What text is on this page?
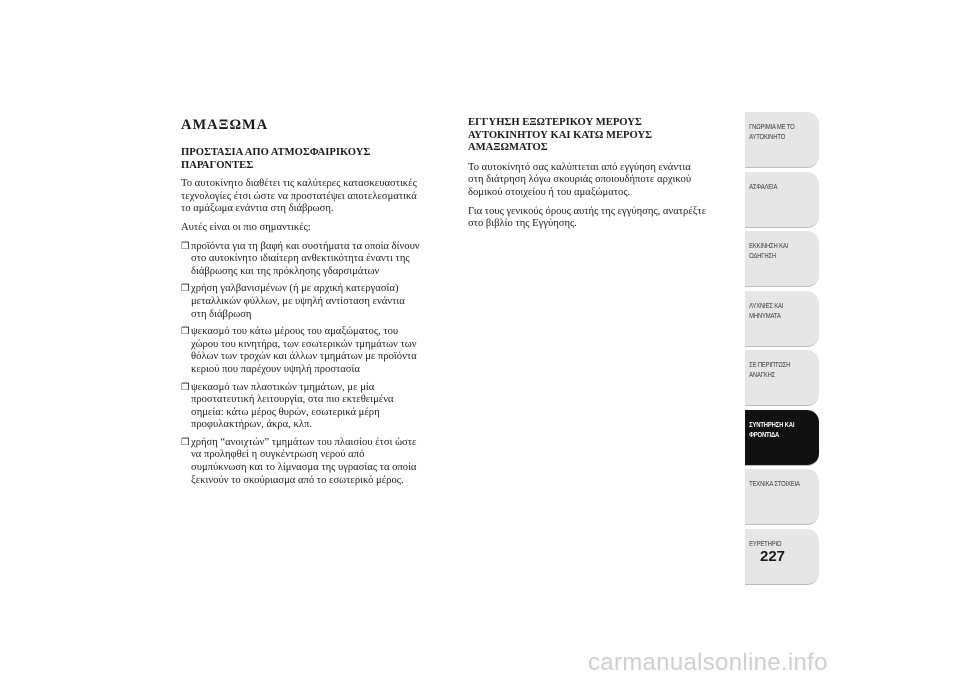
ΑΜΑΞΩΜΑ
ΠΡΟΣΤΑΣΙΑ ΑΠΟ ΑΤΜΟΣΦΑΙΡΙΚΟΥΣ
ΠΑΡΑΓΟΝΤΕΣ
Το αυτοκίνητο διαθέτει τις καλύτερες κατασκευαστικές
τεχνολογίες έτσι ώστε να προστατέψει αποτελεσματικά
το αμάξωμα ενάντια στη διάβρωση.
Αυτές είναι οι πιο σημαντικές:
❒ προϊόντα για τη βαφή και συστήματα τα οποία δίνουν
στο αυτοκίνητο ιδιαίτερη ανθεκτικότητα έναντι της
διάβρωσης και της πρόκλησης γδαρσιμάτων
❒ χρήση γαλβανισμένων (ή με αρχική κατεργασία)
μεταλλικών φύλλων, με υψηλή αντίσταση ενάντια
στη διάβρωση
❒ ψεκασμό του κάτω μέρους του αμαξώματος, του
χώρου του κινητήρα, των εσωτερικών τμημάτων των
θόλων των τροχών και άλλων τμημάτων με προϊόντα
κεριού που παρέχουν υψηλή προστασία
❒ ψεκασμό των πλαστικών τμημάτων, με μία
προστατευτική λειτουργία, στα πιο εκτεθειμένα
σημεία: κάτω μέρος θυρών, εσωτερικά μέρη
προφυλακτήρων, άκρα, κλπ.
❒ χρήση “ανοιχτών” τμημάτων του πλαισίου έτσι ώστε
να προληφθεί η συγκέντρωση νερού από
συμπύκνωση και το λίμνασμα της υγρασίας τα οποία
ξεκινούν το σκούριασμα από το εσωτερικό μέρος.
ΕΓΓΥΗΣΗ ΕΞΩΤΕΡΙΚΟΥ ΜΕΡΟΥΣ
ΑΥΤΟΚΙΝΗΤΟΥ ΚΑΙ ΚΑΤΩ ΜΕΡΟΥΣ
ΑΜΑΞΩΜΑΤΟΣ
Το αυτοκίνητό σας καλύπτεται από εγγύηση ενάντια
στη διάτρηση λόγω σκουριάς οποιουδήποτε αρχικού
δομικού στοιχείου ή του αμαξώματος.
Για τους γενικούς όρους αυτής της εγγύησης, ανατρέξτε
στο βιβλίο της Εγγύησης.
ΓΝΩΡΙΜΙΑ ΜΕ ΤΟ
ΑΥΤΟΚΙΝΗΤΟ
ΑΣΦΑΛΕΙΑ
ΕΚΚΙΝΗΣΗ ΚΑΙ
ΟΔΗΓΗΣΗ
ΛΥΧΝΙΕΣ ΚΑΙ
ΜΗΝΥΜΑΤΑ
ΣΕ ΠΕΡΙΠΤΩΣΗ
ΑΝΑΓΚΗΣ
ΣΥΝΤΗΡΗΣΗ ΚΑΙ
ΦΡΟΝΤΙΔΑ
ΤΕΧΝΙΚΑ ΣΤΟΙΧΕΙΑ
ΕΥΡΕΤΗΡΙΟ
227
carmanualsonline.info
